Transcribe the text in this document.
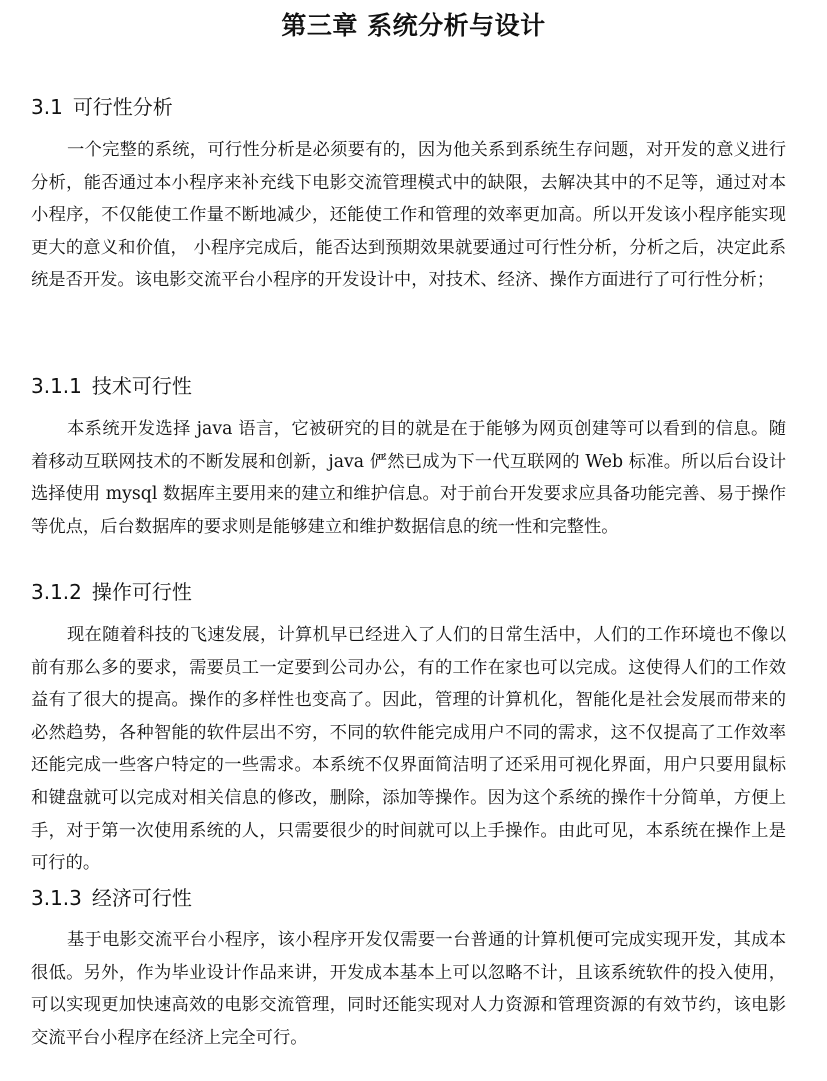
第三章 系统分析与设计
3.1 可行性分析

一个完整的系统，可行性分析是必须要有的，因为他关系到系统生存问题，对开发的意义进行分析，能否通过本小程序来补充线下电影交流管理模式中的缺限，去解决其中的不足等，通过对本小程序，不仅能使工作量不断地减少，还能使工作和管理的效率更加高。所以开发该小程序能实现更大的意义和价值， 小程序完成后，能否达到预期效果就要通过可行性分析，分析之后，决定此系统是否开发。该电影交流平台小程序的开发设计中，对技术、经济、操作方面进行了可行性分析；

3.1.1 技术可行性

本系统开发选择 java 语言，它被研究的目的就是在于能够为网页创建等可以看到的信息。随着移动互联网技术的不断发展和创新，java 俨然已成为下一代互联网的 Web 标准。所以后台设计选择使用 mysql 数据库主要用来的建立和维护信息。对于前台开发要求应具备功能完善、易于操作等优点，后台数据库的要求则是能够建立和维护数据信息的统一性和完整性。

3.1.2 操作可行性

现在随着科技的飞速发展，计算机早已经进入了人们的日常生活中，人们的工作环境也不像以前有那么多的要求，需要员工一定要到公司办公，有的工作在家也可以完成。这使得人们的工作效益有了很大的提高。操作的多样性也变高了。因此，管理的计算机化，智能化是社会发展而带来的必然趋势，各种智能的软件层出不穷，不同的软件能完成用户不同的需求，这不仅提高了工作效率还能完成一些客户特定的一些需求。本系统不仅界面简洁明了还采用可视化界面，用户只要用鼠标和键盘就可以完成对相关信息的修改，删除，添加等操作。因为这个系统的操作十分简单，方便上手，对于第一次使用系统的人，只需要很少的时间就可以上手操作。由此可见，本系统在操作上是可行的。

3.1.3 经济可行性

基于电影交流平台小程序，该小程序开发仅需要一台普通的计算机便可完成实现开发，其成本很低。另外，作为毕业设计作品来讲，开发成本基本上可以忽略不计，且该系统软件的投入使用，可以实现更加快速高效的电影交流管理，同时还能实现对人力资源和管理资源的有效节约，该电影交流平台小程序在经济上完全可行。
